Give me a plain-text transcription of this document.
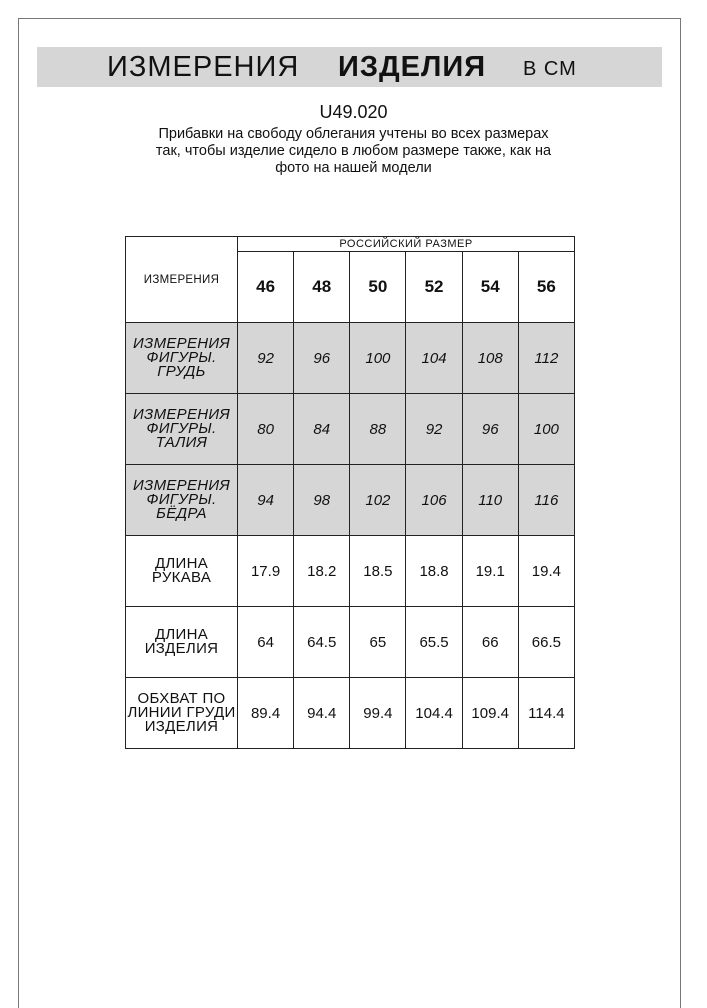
ИЗМЕРЕНИЯ ИЗДЕЛИЯ В СМ
U49.020
Прибавки на свободу облегания учтены во всех размерах
так, чтобы изделие сидело в любом размере также, как на
фото на нашей модели
ИЗМЕРЕНИЯ	РОССИЙСКИЙ РАЗМЕР					
	46	48	50	52	54	56

ИЗМЕРЕНИЯ
ФИГУРЫ. ГРУДЬ	92	96	100	104	108	112

ИЗМЕРЕНИЯ
ФИГУРЫ. ТАЛИЯ	80	84	88	92	96	100

ИЗМЕРЕНИЯ
ФИГУРЫ. БЁДРА	94	98	102	106	110	116

ДЛИНА РУКАВА	17.9	18.2	18.5	18.8	19.1	19.4

ДЛИНА ИЗДЕЛИЯ	64	64.5	65	65.5	66	66.5

ОБХВАТ ПО
ЛИНИИ ГРУДИ
ИЗДЕЛИЯ	89.4	94.4	99.4	104.4	109.4	114.4
